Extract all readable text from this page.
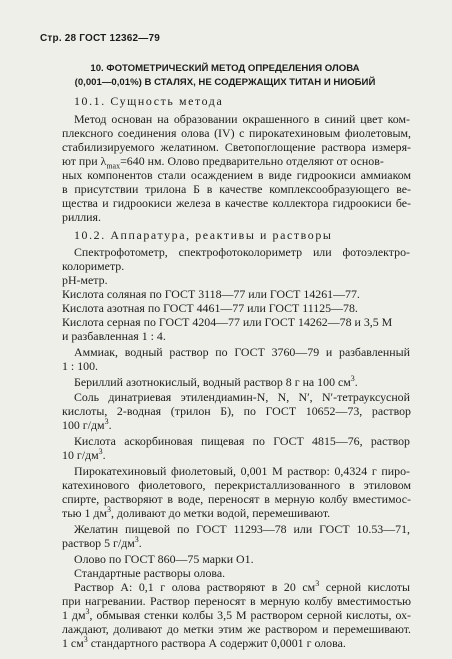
Стр. 28 ГОСТ 12362—79
10. ФОТОМЕТРИЧЕСКИЙ МЕТОД ОПРЕДЕЛЕНИЯ ОЛОВА
(0,001—0,01%) В СТАЛЯХ, НЕ СОДЕРЖАЩИХ ТИТАН И НИОБИЙ
10.1. Сущность метода
Метод основан на образовании окрашенного в синий цвет ком-
плексного соединения олова (IV) с пирокатехиновым фиолетовым,
стабилизируемого желатином. Светопоглощение раствора измеря-
ют при $\lambda_{max}=640$ нм. Олово предварительно отделяют от основ-
ных компонентов стали осаждением в виде гидроокиси аммиаком
в присутствии трилона Б в качестве комплексообразующего ве-
щества и гидроокиси железа в качестве коллектора гидроокиси бе-
риллия.
10.2. Аппаратура, реактивы и растворы
Спектрофотометр, спектрофотоколориметр или фотоэлектро-
колориметр.
рН-метр.
Кислота соляная по ГОСТ 3118—77 или ГОСТ 14261—77.
Кислота азотная по ГОСТ 4461—77 или ГОСТ 11125—78.
Кислота серная по ГОСТ 4204—77 или ГОСТ 14262—78 и 3,5 М
и разбавленная 1 : 4.
Аммиак, водный раствор по ГОСТ 3760—79 и разбавленный
1 : 100.
Бериллий азотнокислый, водный раствор 8 г на 100 $см^3$.
Соль динатриевая этилендиамин-N, N, N′, N′-тетрауксусной
кислоты, 2-водная (трилон Б), по ГОСТ 10652—73, раствор
100 $г/дм^3$.
Кислота аскорбиновая пищевая по ГОСТ 4815—76, раствор
10 $г/дм^3$.
Пирокатехиновый фиолетовый, 0,001 М раствор: 0,4324 г пиро-
катехинового фиолетового, перекристаллизованного в этиловом
спирте, растворяют в воде, переносят в мерную колбу вместимос-
тью 1 $дм^3$, доливают до метки водой, перемешивают.
Желатин пищевой по ГОСТ 11293—78 или ГОСТ 10.53—71,
раствор 5 $г/дм^3$.
Олово по ГОСТ 860—75 марки О1.
Стандартные растворы олова.
Раствор А: 0,1 г олова растворяют в 20 $см^3$ серной кислоты
при нагревании. Раствор переносят в мерную колбу вместимостью
1 $дм^3$, обмывая стенки колбы 3,5 М раствором серной кислоты, ох-
лаждают, доливают до метки этим же раствором и перемешивают.
1 $см^3$ стандартного раствора А содержит 0,0001 г олова.
